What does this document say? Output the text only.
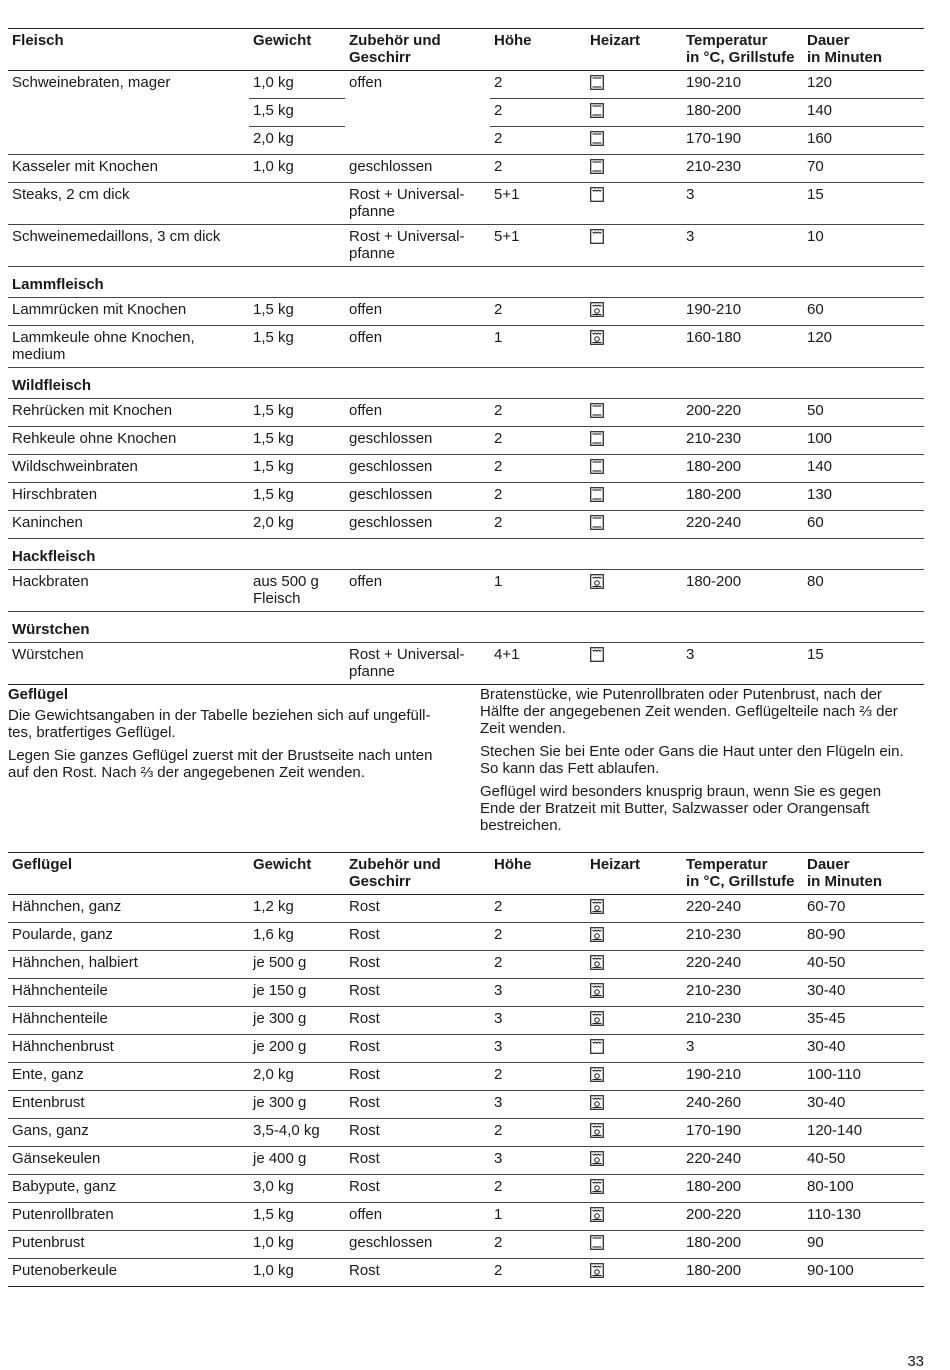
Fleisch	Gewicht	Zubehör und
Geschirr	Höhe	Heizart	Temperatur
in °C, Grillstufe	Dauer
in Minuten
Schweinebraten, mager	1,0 kg	offen	2		190-210	120
	1,5 kg		2		180-200	140
	2,0 kg		2		170-190	160
Kasseler mit Knochen	1,0 kg	geschlossen	2		210-230	70
Steaks, 2 cm dick		Rost + Universal-
pfanne	5+1		3	15
Schweinemedaillons, 3 cm dick		Rost + Universal-
pfanne	5+1		3	10
Lammfleisch						
Lammrücken mit Knochen	1,5 kg	offen	2		190-210	60
Lammkeule ohne Knochen,
medium	1,5 kg	offen	1		160-180	120
Wildfleisch						
Rehrücken mit Knochen	1,5 kg	offen	2		200-220	50
Rehkeule ohne Knochen	1,5 kg	geschlossen	2		210-230	100
Wildschweinbraten	1,5 kg	geschlossen	2		180-200	140
Hirschbraten	1,5 kg	geschlossen	2		180-200	130
Kaninchen	2,0 kg	geschlossen	2		220-240	60
Hackfleisch						
Hackbraten	aus 500 g
Fleisch	offen	1		180-200	80
Würstchen						
Würstchen		Rost + Universal-
pfanne	4+1		3	15
Geflügel

Die Gewichtsangaben in der Tabelle beziehen sich auf ungefüll-
tes, bratfertiges Geflügel.

Legen Sie ganzes Geflügel zuerst mit der Brustseite nach unten
auf den Rost. Nach ⅔ der angegebenen Zeit wenden.

Bratenstücke, wie Putenrollbraten oder Putenbrust, nach der
Hälfte der angegebenen Zeit wenden. Geflügelteile nach ⅔ der
Zeit wenden.

Stechen Sie bei Ente oder Gans die Haut unter den Flügeln ein.
So kann das Fett ablaufen.

Geflügel wird besonders knusprig braun, wenn Sie es gegen
Ende der Bratzeit mit Butter, Salzwasser oder Orangensaft
bestreichen.

Geflügel	Gewicht	Zubehör und
Geschirr	Höhe	Heizart	Temperatur
in °C, Grillstufe	Dauer
in Minuten
Hähnchen, ganz	1,2 kg	Rost	2		220-240	60-70
Poularde, ganz	1,6 kg	Rost	2		210-230	80-90
Hähnchen, halbiert	je 500 g	Rost	2		220-240	40-50
Hähnchenteile	je 150 g	Rost	3		210-230	30-40
Hähnchenteile	je 300 g	Rost	3		210-230	35-45
Hähnchenbrust	je 200 g	Rost	3		3	30-40
Ente, ganz	2,0 kg	Rost	2		190-210	100-110
Entenbrust	je 300 g	Rost	3		240-260	30-40
Gans, ganz	3,5-4,0 kg	Rost	2		170-190	120-140
Gänsekeulen	je 400 g	Rost	3		220-240	40-50
Babypute, ganz	3,0 kg	Rost	2		180-200	80-100
Putenrollbraten	1,5 kg	offen	1		200-220	110-130
Putenbrust	1,0 kg	geschlossen	2		180-200	90
Putenoberkeule	1,0 kg	Rost	2		180-200	90-100
33
